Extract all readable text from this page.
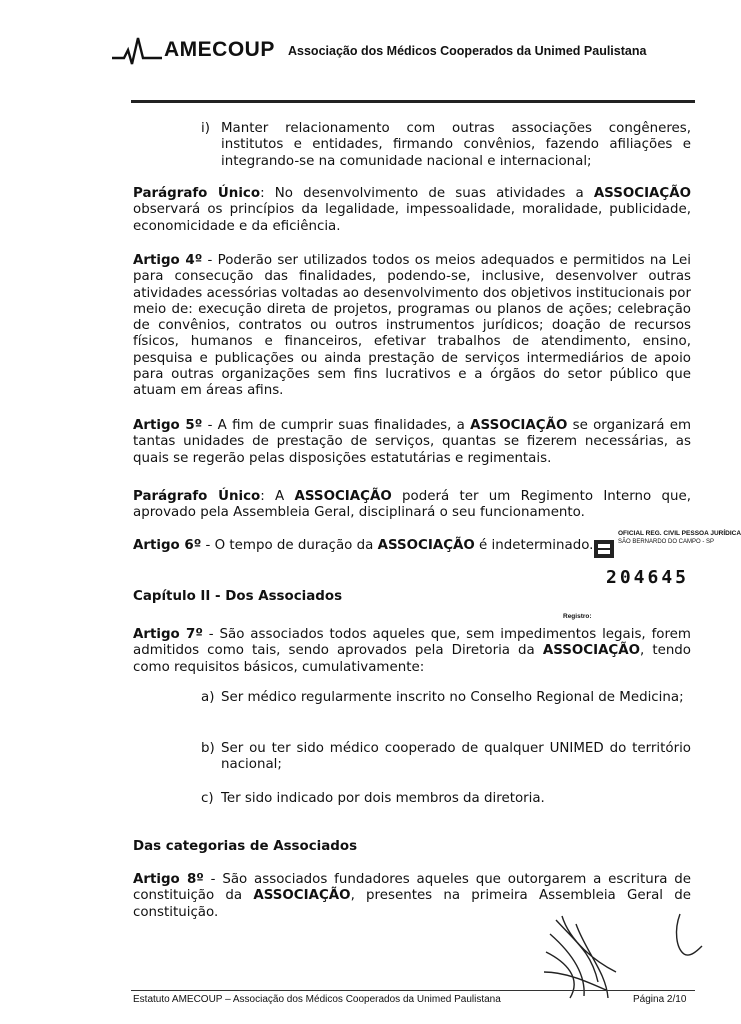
AMECOUP Associação dos Médicos Cooperados da Unimed Paulistana
i) Manter relacionamento com outras associações congêneres, institutos e entidades, firmando convênios, fazendo afiliações e integrando-se na comunidade nacional e internacional;

Parágrafo Único: No desenvolvimento de suas atividades a ASSOCIAÇÃO observará os princípios da legalidade, impessoalidade, moralidade, publicidade, economicidade e da eficiência.

Artigo 4º - Poderão ser utilizados todos os meios adequados e permitidos na Lei para consecução das finalidades, podendo-se, inclusive, desenvolver outras atividades acessórias voltadas ao desenvolvimento dos objetivos institucionais por meio de: execução direta de projetos, programas ou planos de ações; celebração de convênios, contratos ou outros instrumentos jurídicos; doação de recursos físicos, humanos e financeiros, efetivar trabalhos de atendimento, ensino, pesquisa e publicações ou ainda prestação de serviços intermediários de apoio para outras organizações sem fins lucrativos e a órgãos do setor público que atuam em áreas afins.

Artigo 5º - A fim de cumprir suas finalidades, a ASSOCIAÇÃO se organizará em tantas unidades de prestação de serviços, quantas se fizerem necessárias, as quais se regerão pelas disposições estatutárias e regimentais.

Parágrafo Único: A ASSOCIAÇÃO poderá ter um Regimento Interno que, aprovado pela Assembleia Geral, disciplinará o seu funcionamento.

Artigo 6º - O tempo de duração da ASSOCIAÇÃO é indeterminado.

OFICIAL REG. CIVIL PESSOA JURÍDICA
SÃO BERNARDO DO CAMPO - SP
204645
Registro:
Capítulo II - Dos Associados

Artigo 7º - São associados todos aqueles que, sem impedimentos legais, forem admitidos como tais, sendo aprovados pela Diretoria da ASSOCIAÇÃO, tendo como requisitos básicos, cumulativamente:

a) Ser médico regularmente inscrito no Conselho Regional de Medicina;

b) Ser ou ter sido médico cooperado de qualquer UNIMED do território nacional;

c) Ter sido indicado por dois membros da diretoria.

Das categorias de Associados

Artigo 8º - São associados fundadores aqueles que outorgarem a escritura de constituição da ASSOCIAÇÃO, presentes na primeira Assembleia Geral de constituição.

Estatuto AMECOUP – Associação dos Médicos Cooperados da Unimed Paulistana	Página 2/10
